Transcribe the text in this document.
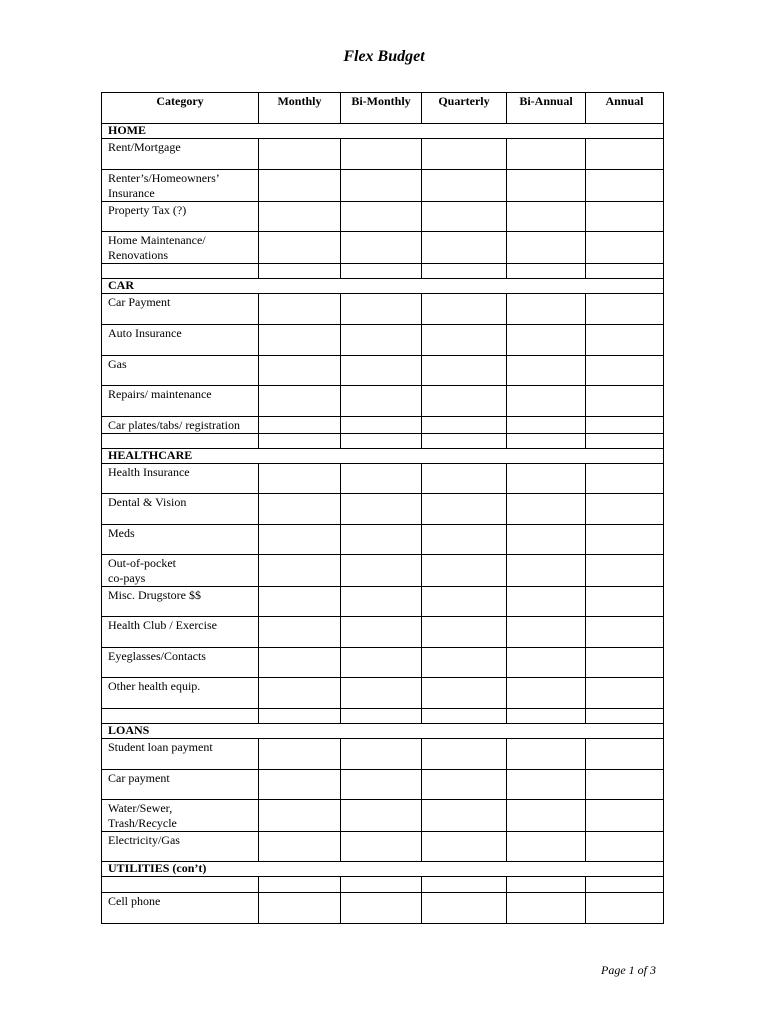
Flex Budget
Category	Monthly	Bi-Monthly	Quarterly	Bi-Annual	Annual
HOME					

Rent/Mortgage					

Renter’s/Homeowners’
Insurance					

Property Tax (?)					

Home Maintenance/
Renovations					

CAR					

Car Payment					

Auto Insurance					

Gas					

Repairs/ maintenance					

Car plates/tabs/ registration					

HEALTHCARE					

Health Insurance					

Dental & Vision					

Meds					

Out-of-pocket
co-pays					

Misc. Drugstore $$					

Health Club / Exercise					

Eyeglasses/Contacts					

Other health equip.					

LOANS					

Student loan payment					

Car payment					

Water/Sewer,
Trash/Recycle					

Electricity/Gas					

UTILITIES (con’t)					

Cell phone					

Page 1 of 3
